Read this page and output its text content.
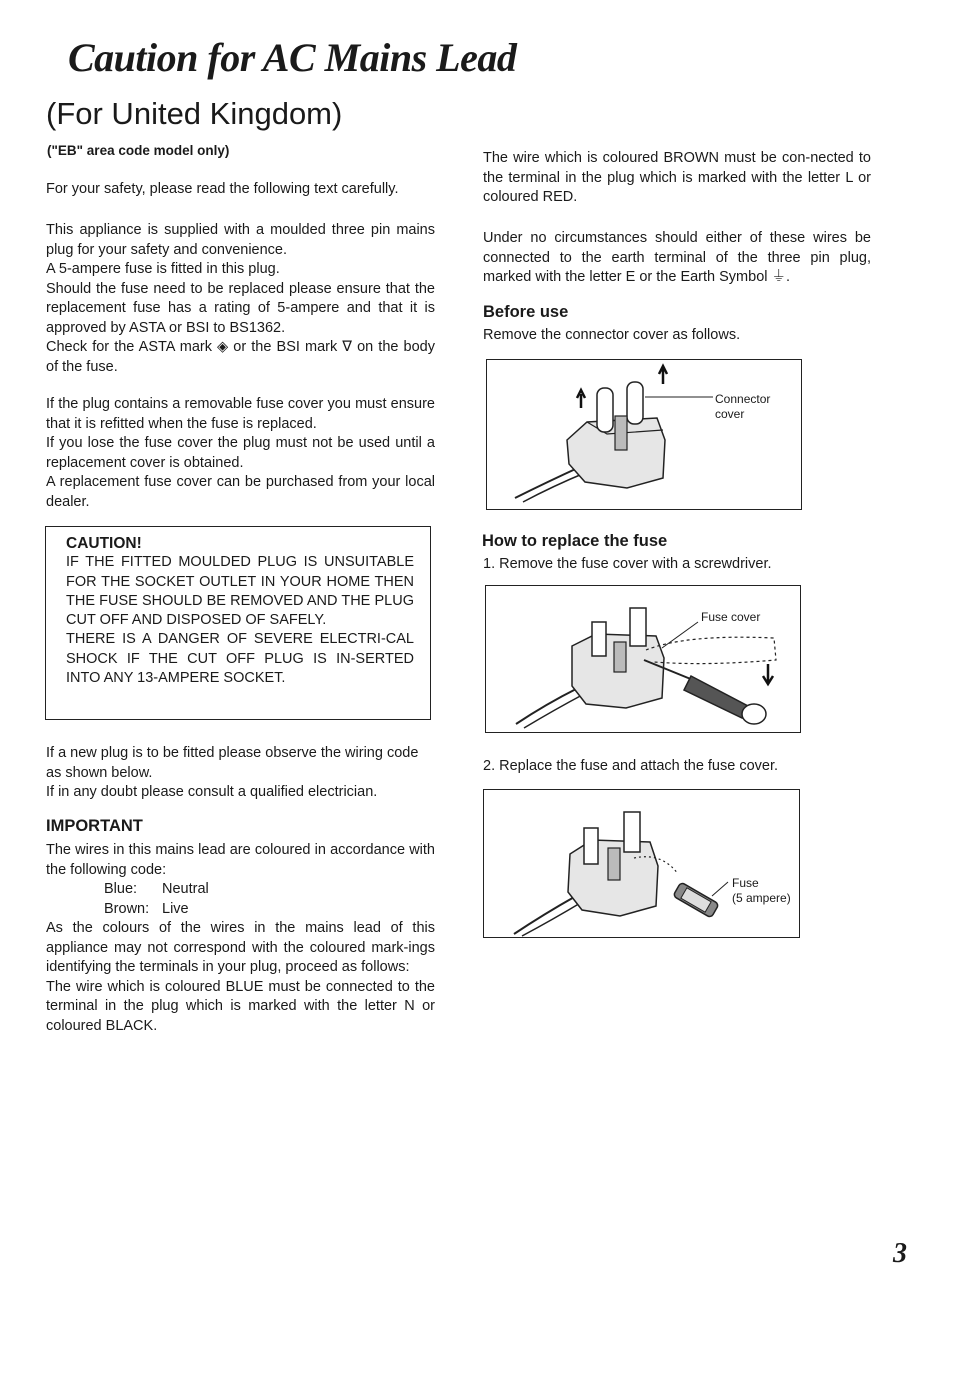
Caution for AC Mains Lead
(For United Kingdom)
("EB" area code model only)
For your safety, please read the following text carefully.

This appliance is supplied with a moulded three pin mains plug for your safety and convenience.

A 5-ampere fuse is fitted in this plug.

Should the fuse need to be replaced please ensure that the replacement fuse has a rating of 5-ampere and that it is approved by ASTA or BSI to BS1362.

Check for the ASTA mark ◈ or the BSI mark ∇ on the body of the fuse.

If the plug contains a removable fuse cover you must ensure that it is refitted when the fuse is replaced.

If you lose the fuse cover the plug must not be used until a replacement cover is obtained.

A replacement fuse cover can be purchased from your local dealer.

CAUTION!

IF THE FITTED MOULDED PLUG IS UNSUITABLE FOR THE SOCKET OUTLET IN YOUR HOME THEN THE FUSE SHOULD BE REMOVED AND THE PLUG CUT OFF AND DISPOSED OF SAFELY.

THERE IS A DANGER OF SEVERE ELECTRI-CAL SHOCK IF THE CUT OFF PLUG IS IN-SERTED INTO ANY 13-AMPERE SOCKET.

If a new plug is to be fitted please observe the wiring code as shown below.

If in any doubt please consult a qualified electrician.

IMPORTANT

The wires in this mains lead are coloured in accordance with the following code:

Blue: Neutral
Brown: Live

As the colours of the wires in the mains lead of this appliance may not correspond with the coloured mark-ings identifying the terminals in your plug, proceed as follows:

The wire which is coloured BLUE must be connected to the terminal in the plug which is marked with the letter N or coloured BLACK.

The wire which is coloured BROWN must be con-nected to the terminal in the plug which is marked with the letter L or coloured RED.
Under no circumstances should either of these wires be connected to the earth terminal of the three pin plug, marked with the letter E or the Earth Symbol ⏚.
Before use
Remove the connector cover as follows.
Connector
cover
How to replace the fuse
1. Remove the fuse cover with a screwdriver.
Fuse cover
2. Replace the fuse and attach the fuse cover.
Fuse
(5 ampere)
3
